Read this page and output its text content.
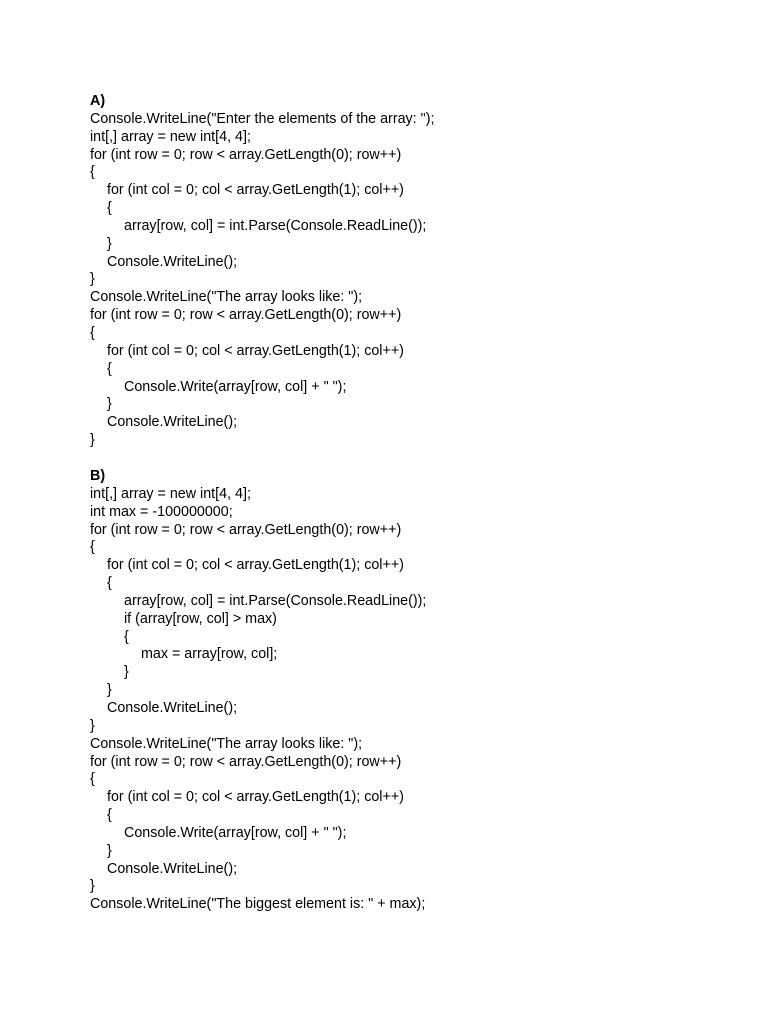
A)
Console.WriteLine("Enter the elements of the array: ");
int[,] array = new int[4, 4];
for (int row = 0; row < array.GetLength(0); row++)
{
for (int col = 0; col < array.GetLength(1); col++)
{
array[row, col] = int.Parse(Console.ReadLine());
}
Console.WriteLine();
}
Console.WriteLine("The array looks like: ");
for (int row = 0; row < array.GetLength(0); row++)
{
for (int col = 0; col < array.GetLength(1); col++)
{
Console.Write(array[row, col] + " ");
}
Console.WriteLine();
}
B)
int[,] array = new int[4, 4];
int max = -100000000;
for (int row = 0; row < array.GetLength(0); row++)
{
for (int col = 0; col < array.GetLength(1); col++)
{
array[row, col] = int.Parse(Console.ReadLine());
if (array[row, col] > max)
{
max = array[row, col];
}
}
Console.WriteLine();
}
Console.WriteLine("The array looks like: ");
for (int row = 0; row < array.GetLength(0); row++)
{
for (int col = 0; col < array.GetLength(1); col++)
{
Console.Write(array[row, col] + " ");
}
Console.WriteLine();
}
Console.WriteLine("The biggest element is: " + max);
